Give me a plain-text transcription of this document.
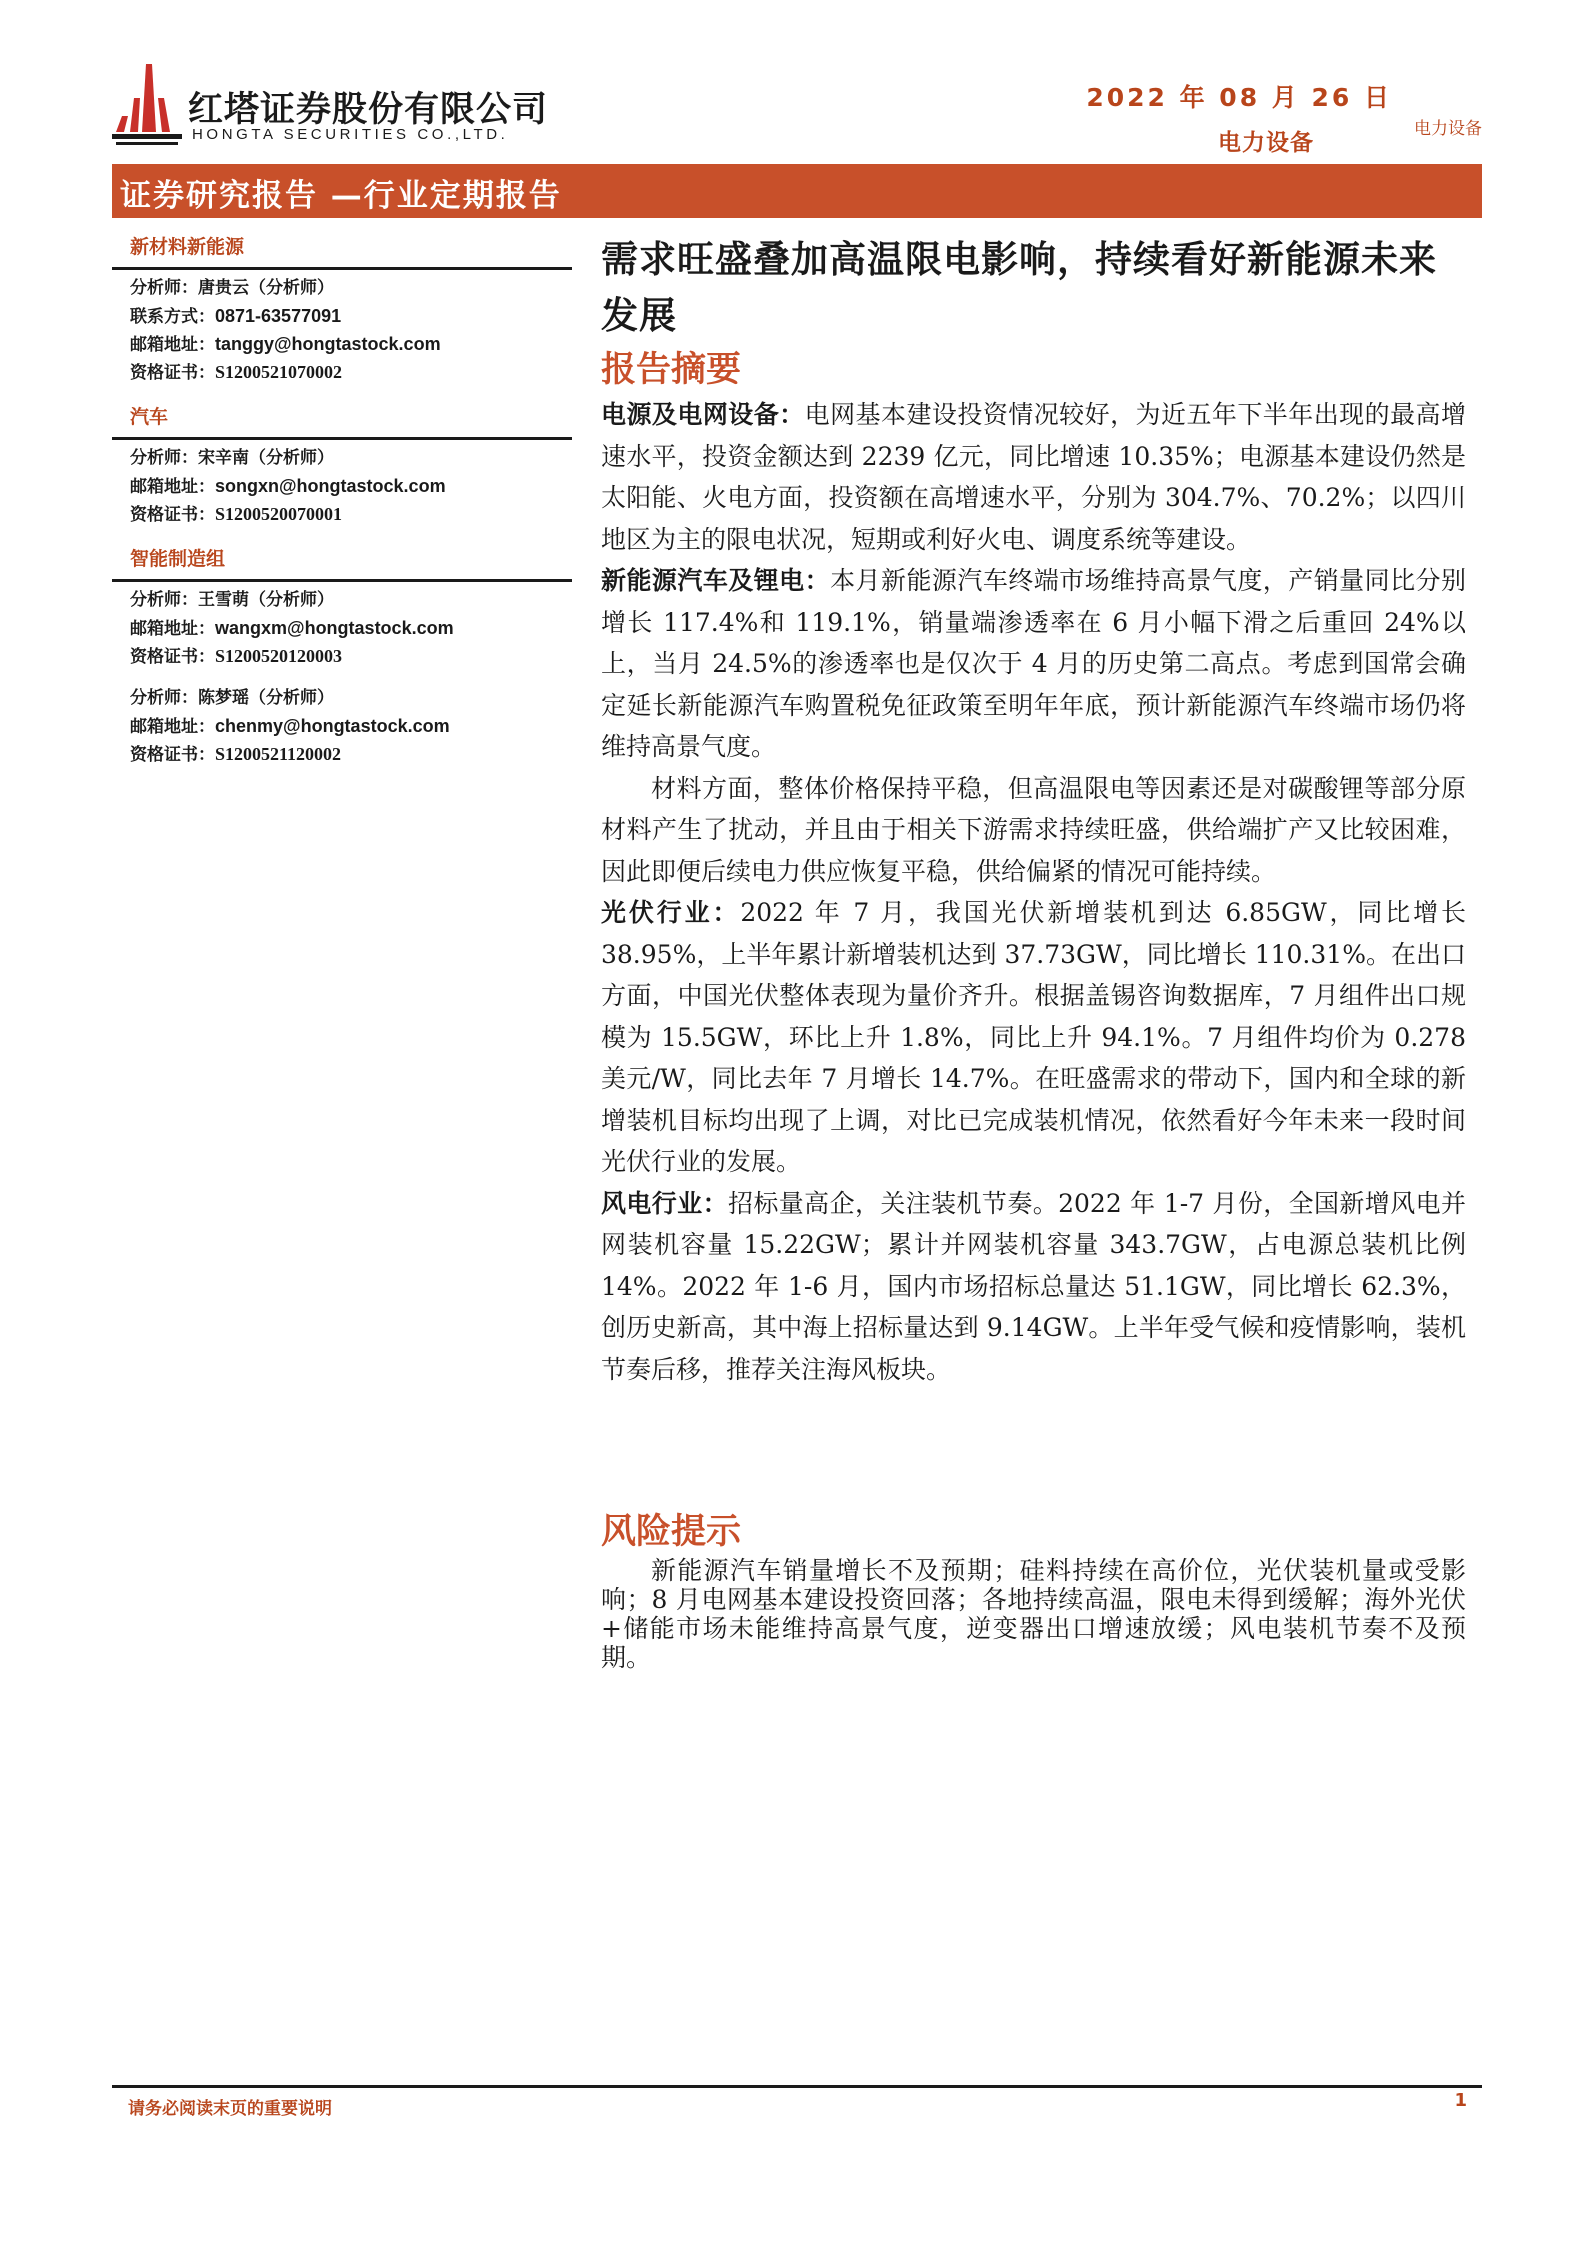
红塔证券股份有限公司
HONGTA SECURITIES CO.,LTD.
2022 年 08 月 26 日
电力设备
电力设备
证券研究报告 —行业定期报告
新材料新能源
分析师：唐贵云（分析师）
联系方式：0871-63577091
邮箱地址：tanggy@hongtastock.com
资格证书：S1200521070002
汽车
分析师：宋辛南（分析师）
邮箱地址：songxn@hongtastock.com
资格证书：S1200520070001
智能制造组
分析师：王雪萌（分析师）
邮箱地址：wangxm@hongtastock.com
资格证书：S1200520120003
分析师：陈梦瑶（分析师）
邮箱地址：chenmy@hongtastock.com
资格证书：S1200521120002
需求旺盛叠加高温限电影响，持续看好新能源未来发展
报告摘要

电源及电网设备：电网基本建设投资情况较好，为近五年下半年出现的最高增速水平，投资金额达到 2239 亿元，同比增速 10.35%；电源基本建设仍然是太阳能、火电方面，投资额在高增速水平，分别为 304.7%、70.2%；以四川地区为主的限电状况，短期或利好火电、调度系统等建设。

新能源汽车及锂电：本月新能源汽车终端市场维持高景气度，产销量同比分别增长 117.4%和 119.1%，销量端渗透率在 6 月小幅下滑之后重回 24%以上，当月 24.5%的渗透率也是仅次于 4 月的历史第二高点。考虑到国常会确定延长新能源汽车购置税免征政策至明年年底，预计新能源汽车终端市场仍将维持高景气度。

材料方面，整体价格保持平稳，但高温限电等因素还是对碳酸锂等部分原材料产生了扰动，并且由于相关下游需求持续旺盛，供给端扩产又比较困难，因此即便后续电力供应恢复平稳，供给偏紧的情况可能持续。

光伏行业：2022 年 7 月，我国光伏新增装机到达 6.85GW，同比增长 38.95%，上半年累计新增装机达到 37.73GW，同比增长 110.31%。在出口方面，中国光伏整体表现为量价齐升。根据盖锡咨询数据库，7 月组件出口规模为 15.5GW，环比上升 1.8%，同比上升 94.1%。7 月组件均价为 0.278 美元/W，同比去年 7 月增长 14.7%。在旺盛需求的带动下，国内和全球的新增装机目标均出现了上调，对比已完成装机情况，依然看好今年未来一段时间光伏行业的发展。

风电行业：招标量高企，关注装机节奏。2022 年 1-7 月份，全国新增风电并网装机容量 15.22GW；累计并网装机容量 343.7GW，占电源总装机比例 14%。2022 年 1-6 月，国内市场招标总量达 51.1GW，同比增长 62.3%，创历史新高，其中海上招标量达到 9.14GW。上半年受气候和疫情影响，装机节奏后移，推荐关注海风板块。

风险提示

新能源汽车销量增长不及预期；硅料持续在高价位，光伏装机量或受影响；8 月电网基本建设投资回落；各地持续高温，限电未得到缓解；海外光伏+储能市场未能维持高景气度，逆变器出口增速放缓；风电装机节奏不及预期。

请务必阅读末页的重要说明	1
